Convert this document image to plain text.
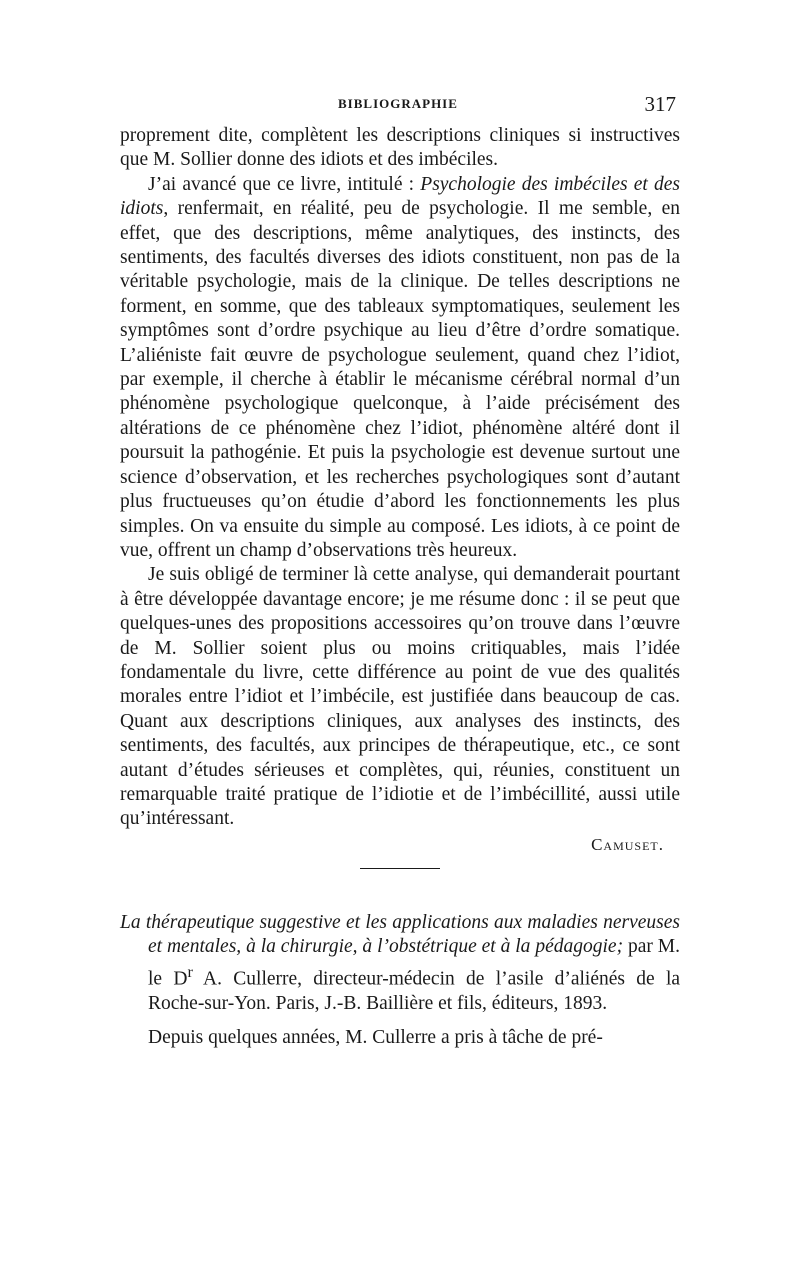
BIBLIOGRAPHIE	317

proprement dite, complètent les descriptions cliniques si instructives que M. Sollier donne des idiots et des imbéciles.

J’ai avancé que ce livre, intitulé : Psychologie des imbéciles et des idiots, renfermait, en réalité, peu de psychologie. Il me semble, en effet, que des descriptions, même analytiques, des instincts, des sentiments, des facultés diverses des idiots constituent, non pas de la véritable psychologie, mais de la clinique. De telles descriptions ne forment, en somme, que des tableaux symptomatiques, seulement les symptômes sont d’ordre psychique au lieu d’être d’ordre somatique. L’aliéniste fait œuvre de psychologue seulement, quand chez l’idiot, par exemple, il cherche à établir le mécanisme cérébral normal d’un phénomène psychologique quelconque, à l’aide précisément des altérations de ce phénomène chez l’idiot, phénomène altéré dont il poursuit la pathogénie. Et puis la psychologie est devenue surtout une science d’observation, et les recherches psychologiques sont d’autant plus fructueuses qu’on étudie d’abord les fonctionnements les plus simples. On va ensuite du simple au composé. Les idiots, à ce point de vue, offrent un champ d’observations très heureux.

Je suis obligé de terminer là cette analyse, qui demanderait pourtant à être développée davantage encore; je me résume donc : il se peut que quelques-unes des propositions accessoires qu’on trouve dans l’œuvre de M. Sollier soient plus ou moins critiquables, mais l’idée fondamentale du livre, cette différence au point de vue des qualités morales entre l’idiot et l’imbécile, est justifiée dans beaucoup de cas. Quant aux descriptions cliniques, aux analyses des instincts, des sentiments, des facultés, aux principes de thérapeutique, etc., ce sont autant d’études sérieuses et complètes, qui, réunies, constituent un remarquable traité pratique de l’idiotie et de l’imbécillité, aussi utile qu’intéressant.

Camuset.

La thérapeutique suggestive et les applications aux maladies nerveuses et mentales, à la chirurgie, à l’obstétrique et à la pédagogie; par M. le $D^r$ A. Cullerre, directeur-médecin de l’asile d’aliénés de la Roche-sur-Yon. Paris, J.-B. Baillière et fils, éditeurs, 1893.

Depuis quelques années, M. Cullerre a pris à tâche de pré-
